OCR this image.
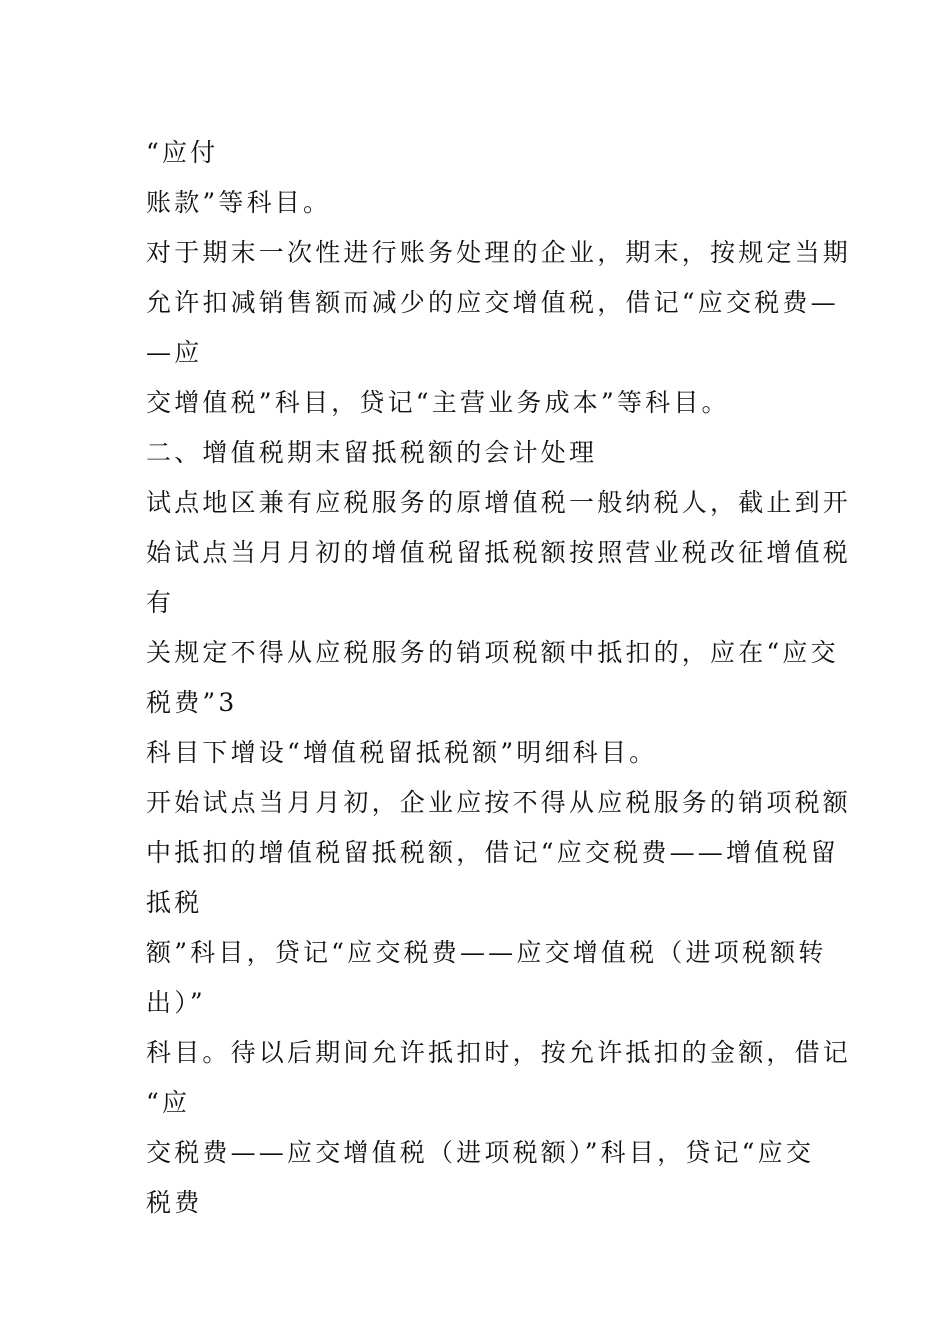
“应付
账款”等科目。
对于期末一次性进行账务处理的企业，期末，按规定当期
允许扣减销售额而减少的应交增值税，借记“应交税费—
—应
交增值税”科目，贷记“主营业务成本”等科目。
二、增值税期末留抵税额的会计处理
试点地区兼有应税服务的原增值税一般纳税人，截止到开
始试点当月月初的增值税留抵税额按照营业税改征增值税
有
关规定不得从应税服务的销项税额中抵扣的，应在“应交
税费”3
科目下增设“增值税留抵税额”明细科目。
开始试点当月月初，企业应按不得从应税服务的销项税额
中抵扣的增值税留抵税额，借记“应交税费——增值税留
抵税
额”科目，贷记“应交税费——应交增值税（进项税额转
出）”
科目。待以后期间允许抵扣时，按允许抵扣的金额，借记
“应
交税费——应交增值税（进项税额）”科目，贷记“应交
税费
